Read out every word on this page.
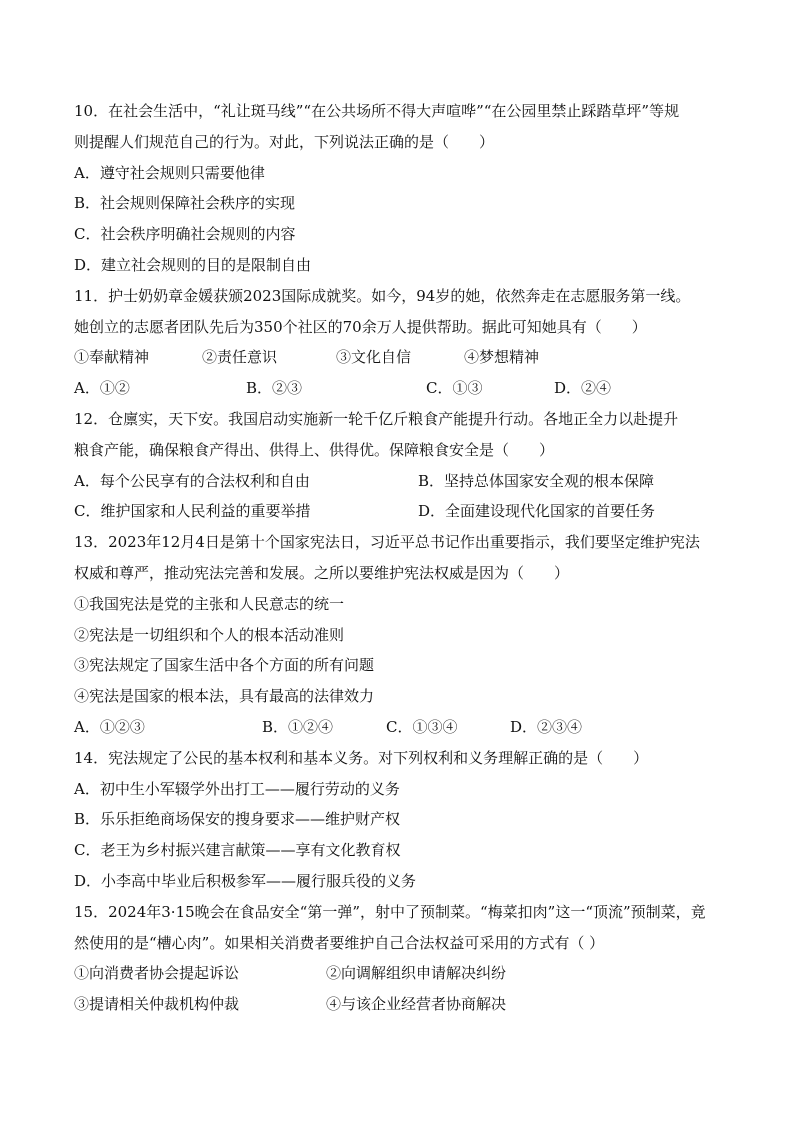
10．在社会生活中，“礼让斑马线”“在公共场所不得大声喧哗”“在公园里禁止踩踏草坪”等规
则提醒人们规范自己的行为。对此，下列说法正确的是（　　）
A．遵守社会规则只需要他律
B．社会规则保障社会秩序的实现
C．社会秩序明确社会规则的内容
D．建立社会规则的目的是限制自由
11．护士奶奶章金媛获颁2023国际成就奖。如今，94岁的她，依然奔走在志愿服务第一线。
她创立的志愿者团队先后为350个社区的70余万人提供帮助。据此可知她具有（　　）
①奉献精神	②责任意识	③文化自信	④梦想精神
A．①②	B．②③	C．①③	D．②④
12．仓廪实，天下安。我国启动实施新一轮千亿斤粮食产能提升行动。各地正全力以赴提升
粮食产能，确保粮食产得出、供得上、供得优。保障粮食安全是（　　）
A．每个公民享有的合法权利和自由	B．坚持总体国家安全观的根本保障
C．维护国家和人民利益的重要举措	D．全面建设现代化国家的首要任务
13．2023年12月4日是第十个国家宪法日，习近平总书记作出重要指示，我们要坚定维护宪法
权威和尊严，推动宪法完善和发展。之所以要维护宪法权威是因为（　　）
①我国宪法是党的主张和人民意志的统一
②宪法是一切组织和个人的根本活动准则
③宪法规定了国家生活中各个方面的所有问题
④宪法是国家的根本法，具有最高的法律效力
A．①②③	B．①②④	C．①③④	D．②③④
14．宪法规定了公民的基本权利和基本义务。对下列权利和义务理解正确的是（　　）
A．初中生小军辍学外出打工——履行劳动的义务
B．乐乐拒绝商场保安的搜身要求——维护财产权
C．老王为乡村振兴建言献策——享有文化教育权
D．小李高中毕业后积极参军——履行服兵役的义务
15．2024年3·15晚会在食品安全“第一弹”，射中了预制菜。“梅菜扣肉”这一“顶流”预制菜，竟
然使用的是“槽心肉”。如果相关消费者要维护自己合法权益可采用的方式有（ ）
①向消费者协会提起诉讼	②向调解组织申请解决纠纷
③提请相关仲裁机构仲裁	④与该企业经营者协商解决
